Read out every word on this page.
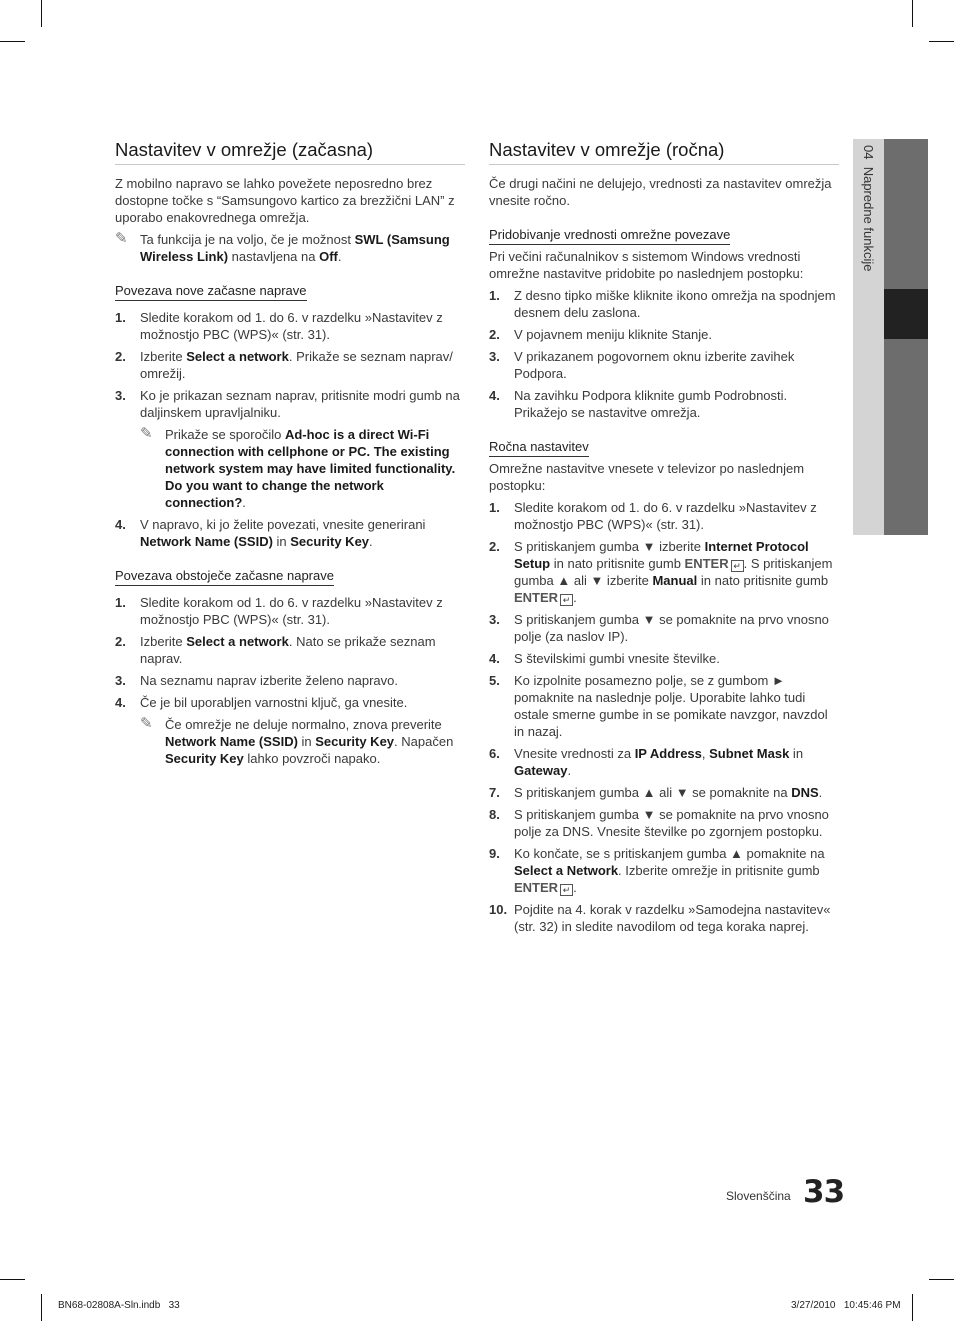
Nastavitev v omrežje (začasna)
Z mobilno napravo se lahko povežete neposredno brez dostopne točke s “Samsungovo kartico za brezžični LAN” z uporabo enakovrednega omrežja.
✎ Ta funkcija je na voljo, če je možnost SWL (Samsung Wireless Link) nastavljena na Off.
Povezava nove začasne naprave
1. Sledite korakom od 1. do 6. v razdelku »Nastavitev z možnostjo PBC (WPS)« (str. 31).
2. Izberite Select a network. Prikaže se seznam naprav/ omrežij.
3. Ko je prikazan seznam naprav, pritisnite modri gumb na daljinskem upravljalniku.
✎ Prikaže se sporočilo Ad-hoc is a direct Wi-Fi connection with cellphone or PC. The existing network system may have limited functionality. Do you want to change the network connection?.
4. V napravo, ki jo želite povezati, vnesite generirani Network Name (SSID) in Security Key.
Povezava obstoječe začasne naprave
1. Sledite korakom od 1. do 6. v razdelku »Nastavitev z možnostjo PBC (WPS)« (str. 31).
2. Izberite Select a network. Nato se prikaže seznam naprav.
3. Na seznamu naprav izberite želeno napravo.
4. Če je bil uporabljen varnostni ključ, ga vnesite.
✎ Če omrežje ne deluje normalno, znova preverite Network Name (SSID) in Security Key. Napačen Security Key lahko povzroči napako.
Nastavitev v omrežje (ročna)
Če drugi načini ne delujejo, vrednosti za nastavitev omrežja vnesite ročno.
Pridobivanje vrednosti omrežne povezave
Pri večini računalnikov s sistemom Windows vrednosti omrežne nastavitve pridobite po naslednjem postopku:
1. Z desno tipko miške kliknite ikono omrežja na spodnjem desnem delu zaslona.
2. V pojavnem meniju kliknite Stanje.
3. V prikazanem pogovornem oknu izberite zavihek Podpora.
4. Na zavihku Podpora kliknite gumb Podrobnosti. Prikažejo se nastavitve omrežja.
Ročna nastavitev
Omrežne nastavitve vnesete v televizor po naslednjem postopku:
1. Sledite korakom od 1. do 6. v razdelku »Nastavitev z možnostjo PBC (WPS)« (str. 31).
2. S pritiskanjem gumba ▼ izberite Internet Protocol Setup in nato pritisnite gumb ENTER ↵ . S pritiskanjem gumba ▲ ali ▼ izberite Manual in nato pritisnite gumb ENTER ↵ .
3. S pritiskanjem gumba ▼ se pomaknite na prvo vnosno polje (za naslov IP).
4. S številskimi gumbi vnesite številke.
5. Ko izpolnite posamezno polje, se z gumbom ► pomaknite na naslednje polje. Uporabite lahko tudi ostale smerne gumbe in se pomikate navzgor, navzdol in nazaj.
6. Vnesite vrednosti za IP Address, Subnet Mask in Gateway.
7. S pritiskanjem gumba ▲ ali ▼ se pomaknite na DNS.
8. S pritiskanjem gumba ▼ se pomaknite na prvo vnosno polje za DNS. Vnesite številke po zgornjem postopku.
9. Ko končate, se s pritiskanjem gumba ▲ pomaknite na Select a Network. Izberite omrežje in pritisnite gumb ENTER ↵ .
10. Pojdite na 4. korak v razdelku »Samodejna nastavitev« (str. 32) in sledite navodilom od tega koraka naprej.
04  Napredne funkcije
Slovenščina 33
BN68-02808A-Sln.indb   33	3/27/2010   10:45:46 PM
